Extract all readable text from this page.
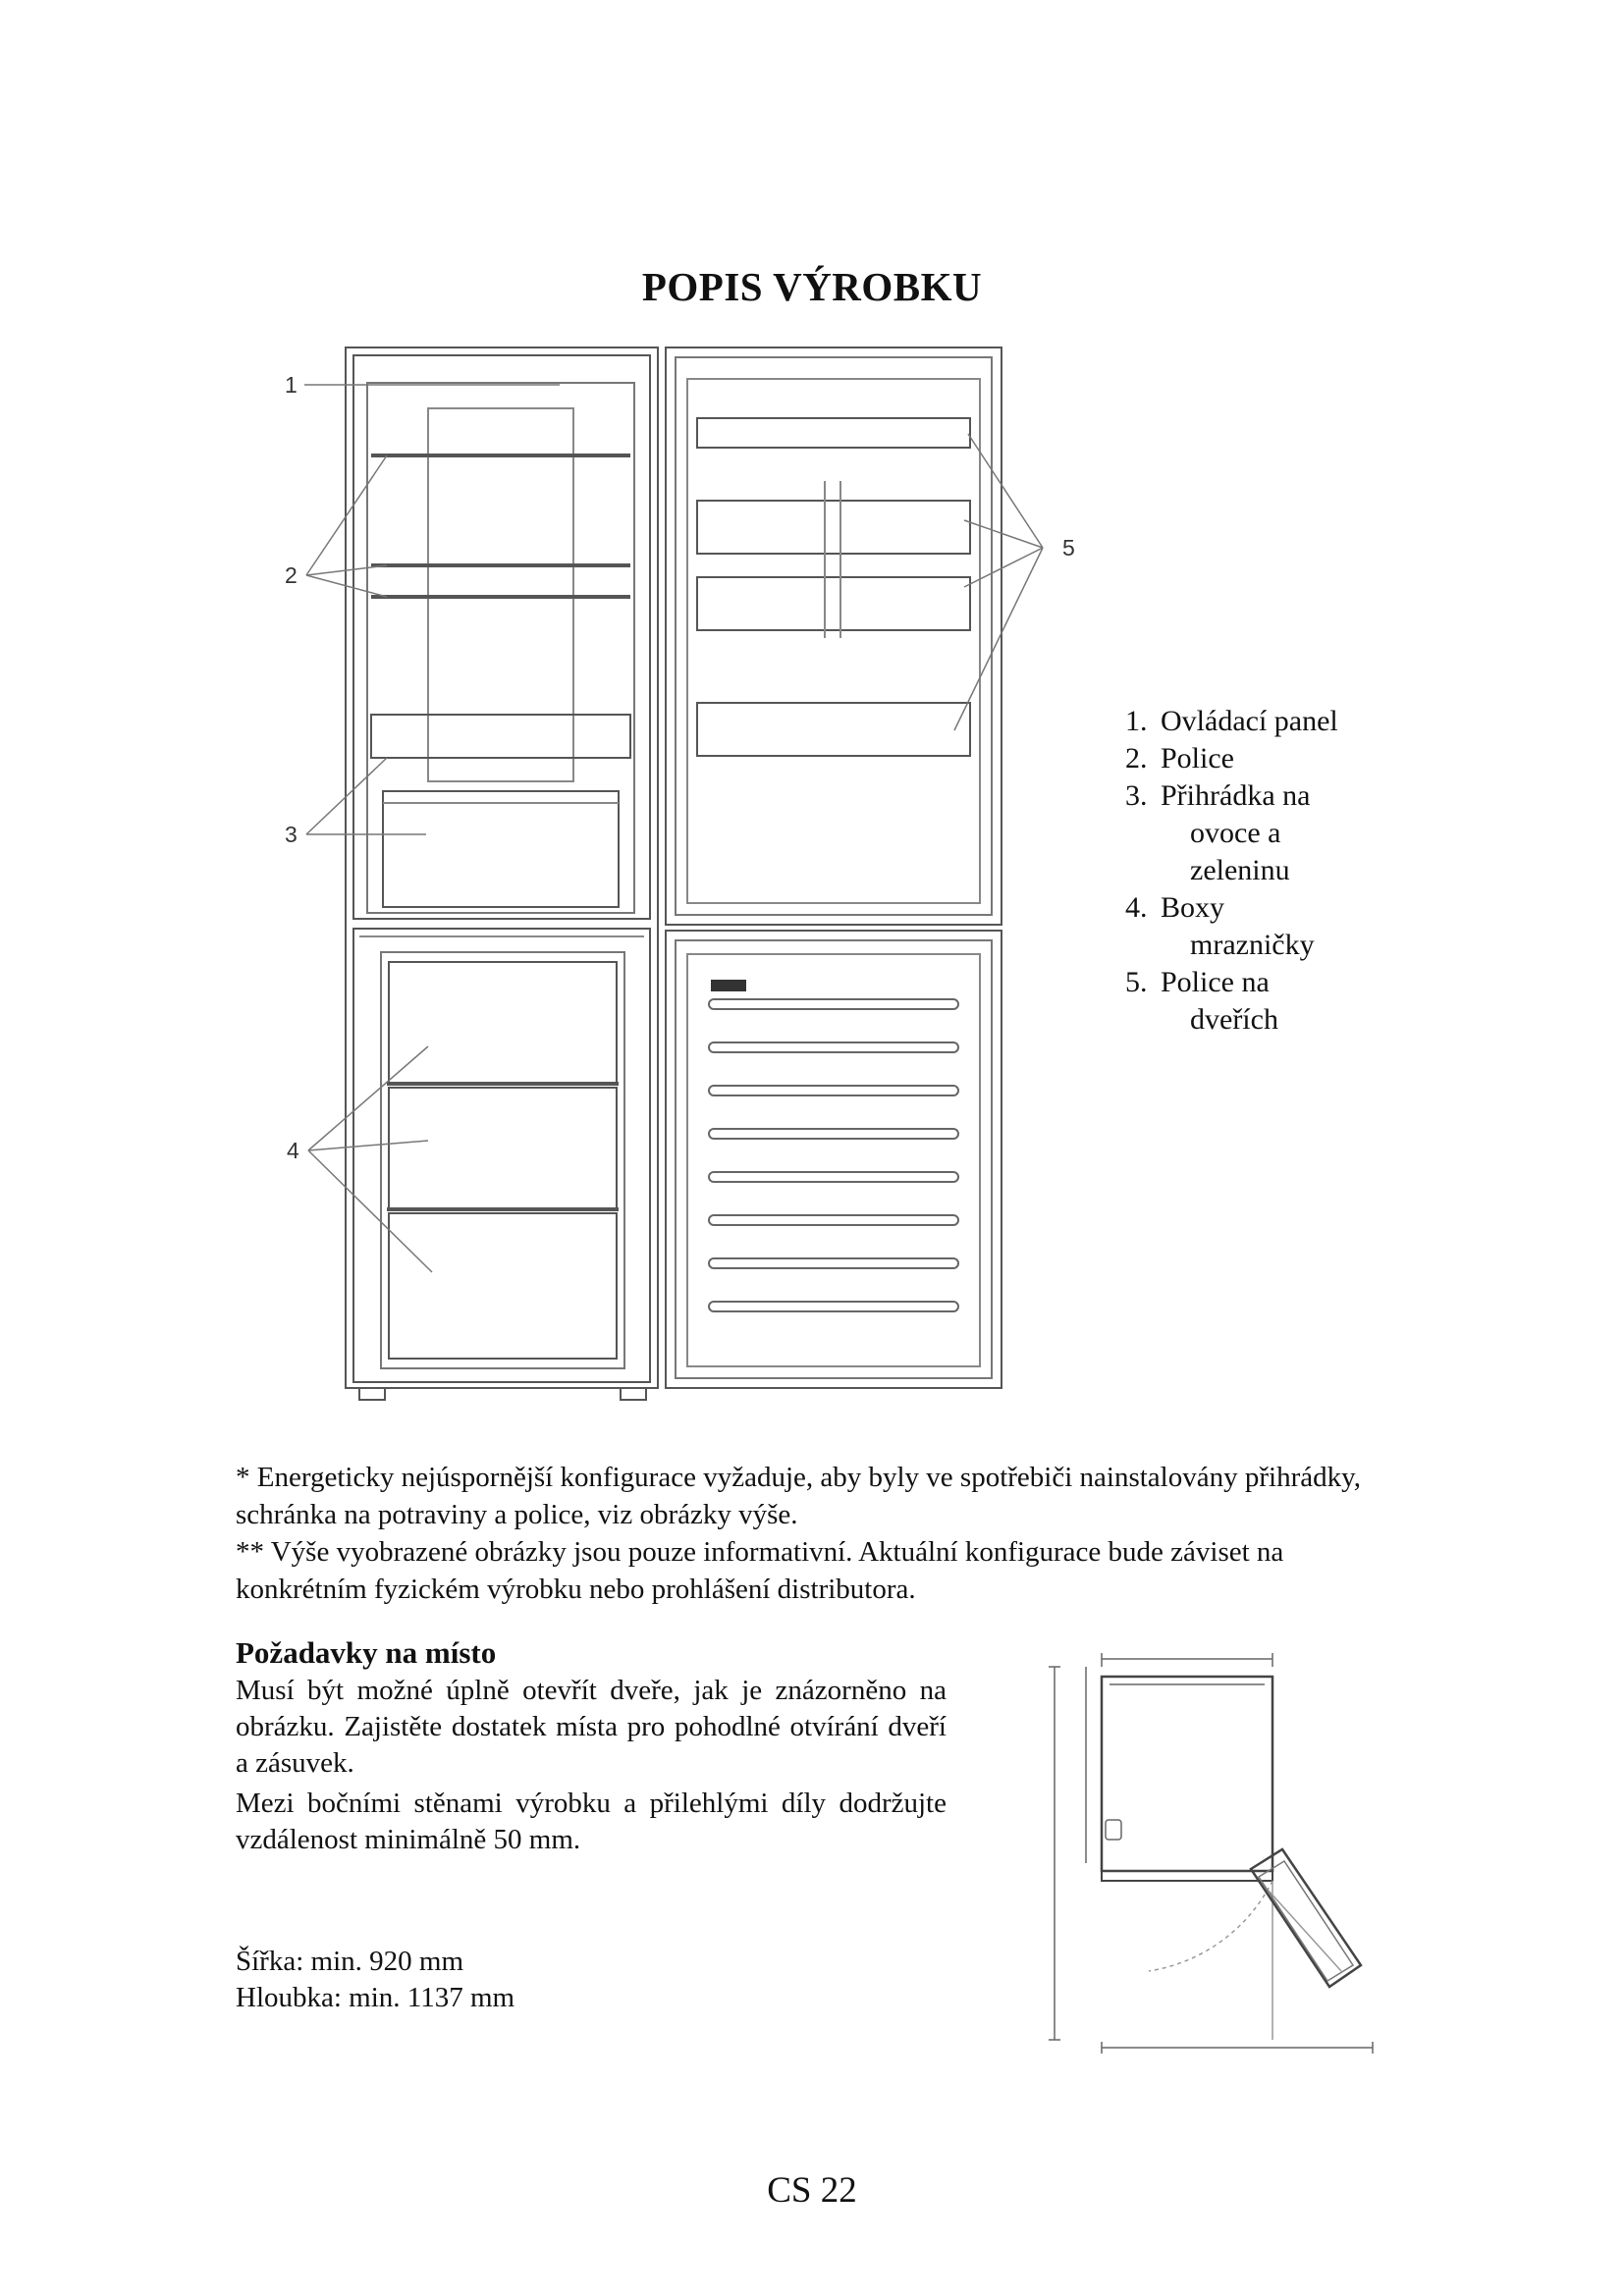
POPIS VÝROBKU
1
2
3
4
5
1. Ovládací panel
2. Police
3. Přihrádka na
ovoce a
zeleninu
4. Boxy
mrazničky
5. Police na
dveřích

* Energeticky nejúspornější konfigurace vyžaduje, aby byly ve spotřebiči nainstalovány přihrádky, schránka na potraviny a police, viz obrázky výše.

** Výše vyobrazené obrázky jsou pouze informativní. Aktuální konfigurace bude záviset na konkrétním fyzickém výrobku nebo prohlášení distributora.

Požadavky na místo

Musí být možné úplně otevřít dveře, jak je znázorněno na obrázku. Zajistěte dostatek místa pro pohodlné otvírání dveří a zásuvek.

Mezi bočními stěnami výrobku a přilehlými díly dodržujte vzdálenost minimálně 50 mm.

Šířka: min. 920 mm
Hloubka: min. 1137 mm
CS 22
